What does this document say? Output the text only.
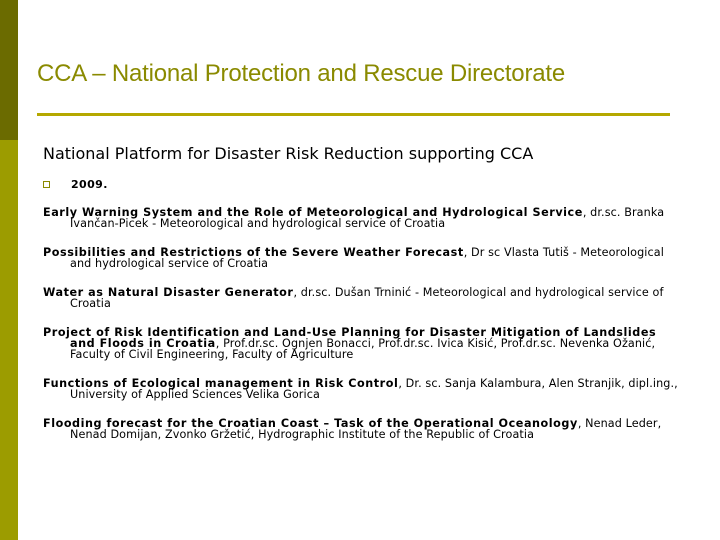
CCA – National Protection and Rescue Directorate
National Platform for Disaster Risk Reduction supporting CCA
2009.

Early Warning System and the Role of Meteorological and Hydrological Service, dr.sc. Branka Ivančan-Picek - Meteorological and hydrological service of Croatia

Possibilities and Restrictions of the Severe Weather Forecast, Dr sc Vlasta Tutiš - Meteorological and hydrological service of Croatia

Water as Natural Disaster Generator, dr.sc. Dušan Trninić - Meteorological and hydrological service of Croatia

Project of Risk Identification and Land-Use Planning for Disaster Mitigation of Landslides and Floods in Croatia, Prof.dr.sc. Ognjen Bonacci, Prof.dr.sc. Ivica Kisić, Prof.dr.sc. Nevenka Ožanić, Faculty of Civil Engineering, Faculty of Agriculture

Functions of Ecological management in Risk Control, Dr. sc. Sanja Kalambura, Alen Stranjik, dipl.ing., University of Applied Sciences Velika Gorica

Flooding forecast for the Croatian Coast – Task of the Operational Oceanology, Nenad Leder, Nenad Domijan, Zvonko Gržetić, Hydrographic Institute of the Republic of Croatia
